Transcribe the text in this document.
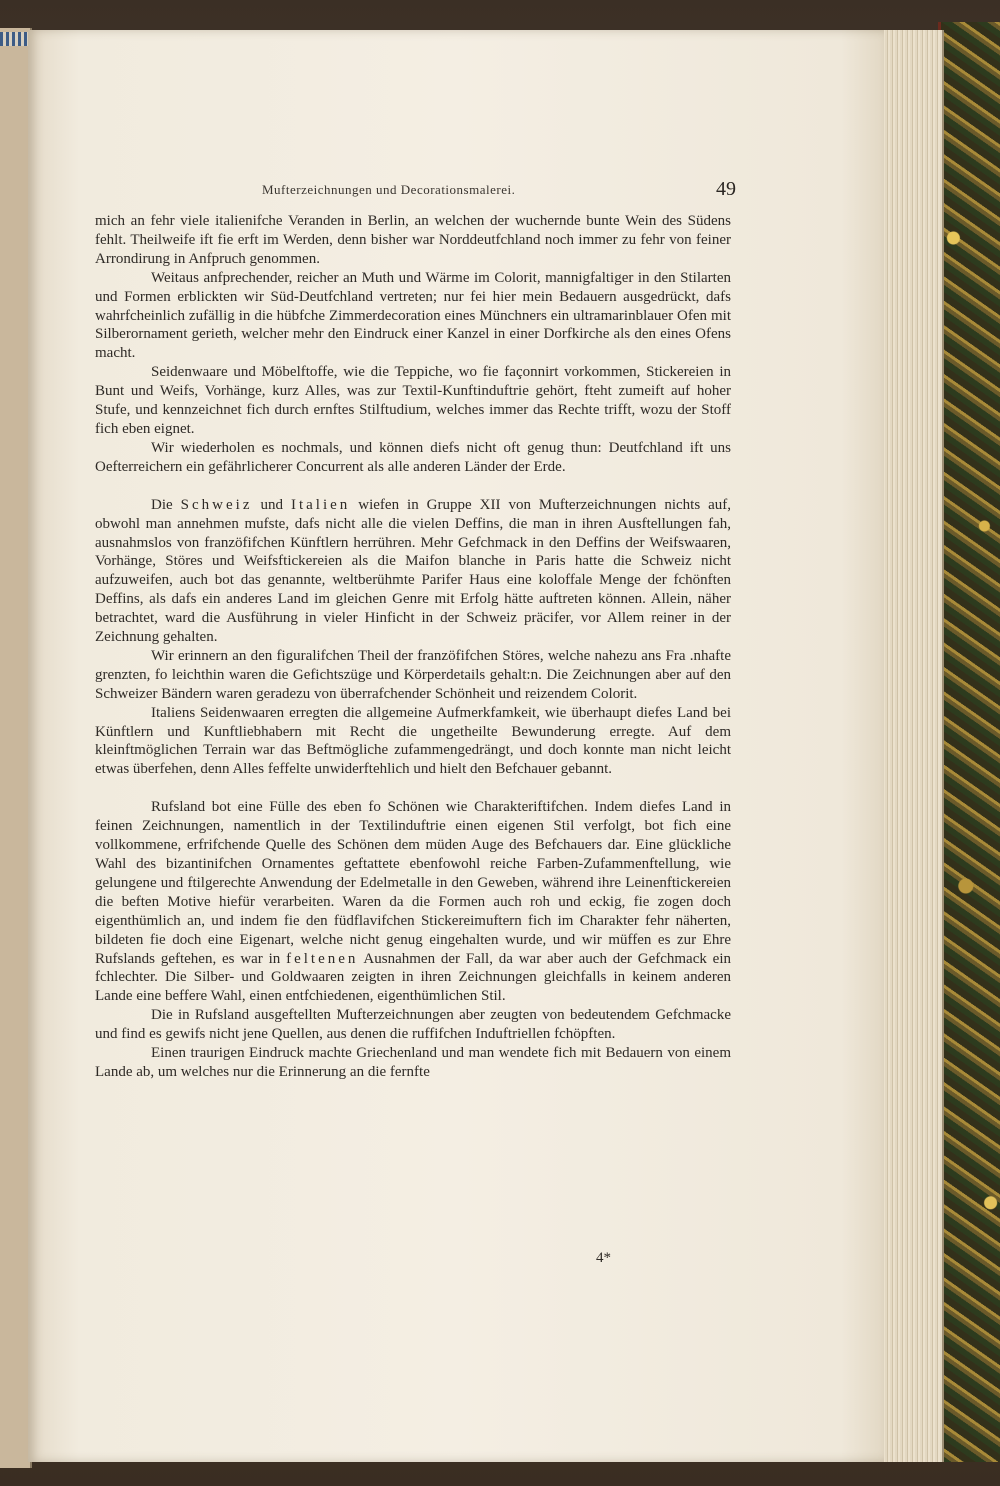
Mufterzeichnungen und Decorationsmalerei.	49

mich an fehr viele italienifche Veranden in Berlin, an welchen der wuchernde bunte Wein des Südens fehlt. Theilweife ift fie erft im Werden, denn bisher war Norddeutfchland noch immer zu fehr von feiner Arrondirung in Anfpruch genommen.

Weitaus anfprechender, reicher an Muth und Wärme im Colorit, mannigfaltiger in den Stilarten und Formen erblickten wir Süd-Deutfchland vertreten; nur fei hier mein Bedauern ausgedrückt, dafs wahrfcheinlich zufällig in die hübfche Zimmerdecoration eines Münchners ein ultramarinblauer Ofen mit Silberornament gerieth, welcher mehr den Eindruck einer Kanzel in einer Dorfkirche als den eines Ofens macht.

Seidenwaare und Möbelftoffe, wie die Teppiche, wo fie façonnirt vorkommen, Stickereien in Bunt und Weifs, Vorhänge, kurz Alles, was zur Textil-Kunftinduftrie gehört, fteht zumeift auf hoher Stufe, und kennzeichnet fich durch ernftes Stilftudium, welches immer das Rechte trifft, wozu der Stoff fich eben eignet.

Wir wiederholen es nochmals, und können diefs nicht oft genug thun: Deutfchland ift uns Oefterreichern ein gefährlicherer Concurrent als alle anderen Länder der Erde.

Die Schweiz und Italien wiefen in Gruppe XII von Mufterzeichnungen nichts auf, obwohl man annehmen mufste, dafs nicht alle die vielen Deffins, die man in ihren Ausftellungen fah, ausnahmslos von franzöfifchen Künftlern herrühren. Mehr Gefchmack in den Deffins der Weifswaaren, Vorhänge, Störes und Weifsftickereien als die Maifon blanche in Paris hatte die Schweiz nicht aufzuweifen, auch bot das genannte, weltberühmte Parifer Haus eine koloffale Menge der fchönften Deffins, als dafs ein anderes Land im gleichen Genre mit Erfolg hätte auftreten können. Allein, näher betrachtet, ward die Ausführung in vieler Hinficht in der Schweiz präcifer, vor Allem reiner in der Zeichnung gehalten.

Wir erinnern an den figuralifchen Theil der franzöfifchen Störes, welche nahezu ans Fra .nhafte grenzten, fo leichthin waren die Gefichtszüge und Körperdetails gehalt:n. Die Zeichnungen aber auf den Schweizer Bändern waren geradezu von überrafchender Schönheit und reizendem Colorit.

Italiens Seidenwaaren erregten die allgemeine Aufmerkfamkeit, wie überhaupt diefes Land bei Künftlern und Kunftliebhabern mit Recht die ungetheilte Bewunderung erregte. Auf dem kleinftmöglichen Terrain war das Beftmögliche zufammengedrängt, und doch konnte man nicht leicht etwas überfehen, denn Alles feffelte unwiderftehlich und hielt den Befchauer gebannt.

Rufsland bot eine Fülle des eben fo Schönen wie Charakteriftifchen. Indem diefes Land in feinen Zeichnungen, namentlich in der Textilinduftrie einen eigenen Stil verfolgt, bot fich eine vollkommene, erfrifchende Quelle des Schönen dem müden Auge des Befchauers dar. Eine glückliche Wahl des bizantinifchen Ornamentes geftattete ebenfowohl reiche Farben-Zufammenftellung, wie gelungene und ftilgerechte Anwendung der Edelmetalle in den Geweben, während ihre Leinenftickereien die beften Motive hiefür verarbeiten. Waren da die Formen auch roh und eckig, fie zogen doch eigenthümlich an, und indem fie den füdflavifchen Stickereimuftern fich im Charakter fehr näherten, bildeten fie doch eine Eigenart, welche nicht genug eingehalten wurde, und wir müffen es zur Ehre Rufslands geftehen, es war in feltenen Ausnahmen der Fall, da war aber auch der Gefchmack ein fchlechter. Die Silber- und Goldwaaren zeigten in ihren Zeichnungen gleichfalls in keinem anderen Lande eine beffere Wahl, einen entfchiedenen, eigenthümlichen Stil.

Die in Rufsland ausgeftellten Mufterzeichnungen aber zeugten von bedeutendem Gefchmacke und find es gewifs nicht jene Quellen, aus denen die ruffifchen Induftriellen fchöpften.

Einen traurigen Eindruck machte Griechenland und man wendete fich mit Bedauern von einem Lande ab, um welches nur die Erinnerung an die fernfte

4*
